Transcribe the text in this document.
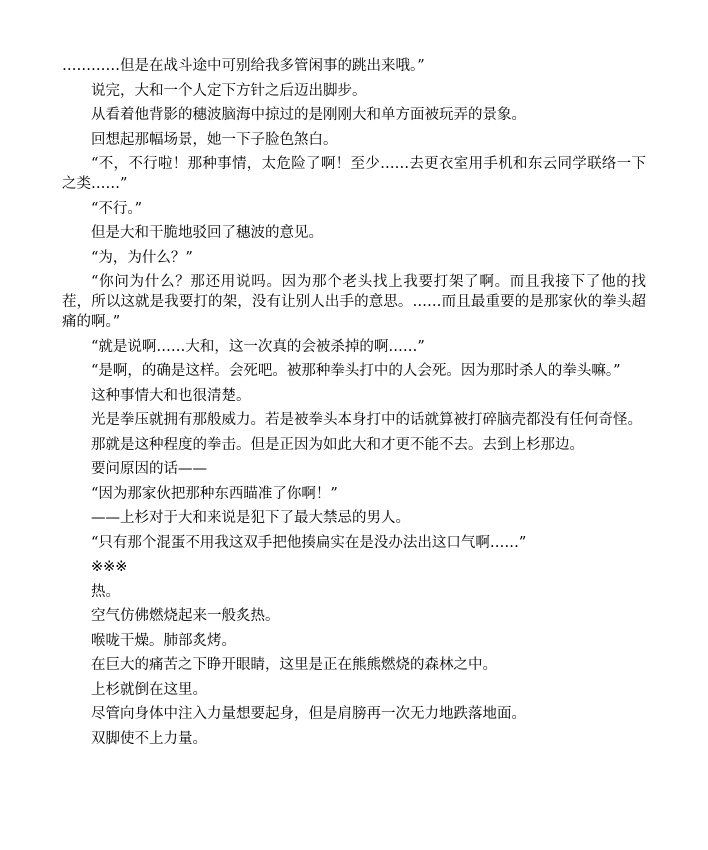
…………但是在战斗途中可别给我多管闲事的跳出来哦。”

说完，大和一个人定下方针之后迈出脚步。

从看着他背影的穗波脑海中掠过的是刚刚大和单方面被玩弄的景象。

回想起那幅场景，她一下子脸色煞白。

“不，不行啦！那种事情，太危险了啊！至少……去更衣室用手机和东云同学联络一下之类……”

“不行。”

但是大和干脆地驳回了穗波的意见。

“为，为什么？”

“你问为什么？那还用说吗。因为那个老头找上我要打架了啊。而且我接下了他的找茬，所以这就是我要打的架，没有让别人出手的意思。……而且最重要的是那家伙的拳头超痛的啊。”

“就是说啊……大和，这一次真的会被杀掉的啊……”

“是啊，的确是这样。会死吧。被那种拳头打中的人会死。因为那时杀人的拳头嘛。”

这种事情大和也很清楚。

光是拳压就拥有那般威力。若是被拳头本身打中的话就算被打碎脑壳都没有任何奇怪。

那就是这种程度的拳击。但是正因为如此大和才更不能不去。去到上杉那边。

要问原因的话——

“因为那家伙把那种东西瞄准了你啊！”

——上杉对于大和来说是犯下了最大禁忌的男人。

“只有那个混蛋不用我这双手把他揍扁实在是没办法出这口气啊……”

※※※

热。

空气仿佛燃烧起来一般炙热。

喉咙干燥。肺部炙烤。

在巨大的痛苦之下睁开眼睛，这里是正在熊熊燃烧的森林之中。

上杉就倒在这里。

尽管向身体中注入力量想要起身，但是肩膀再一次无力地跌落地面。

双脚使不上力量。
